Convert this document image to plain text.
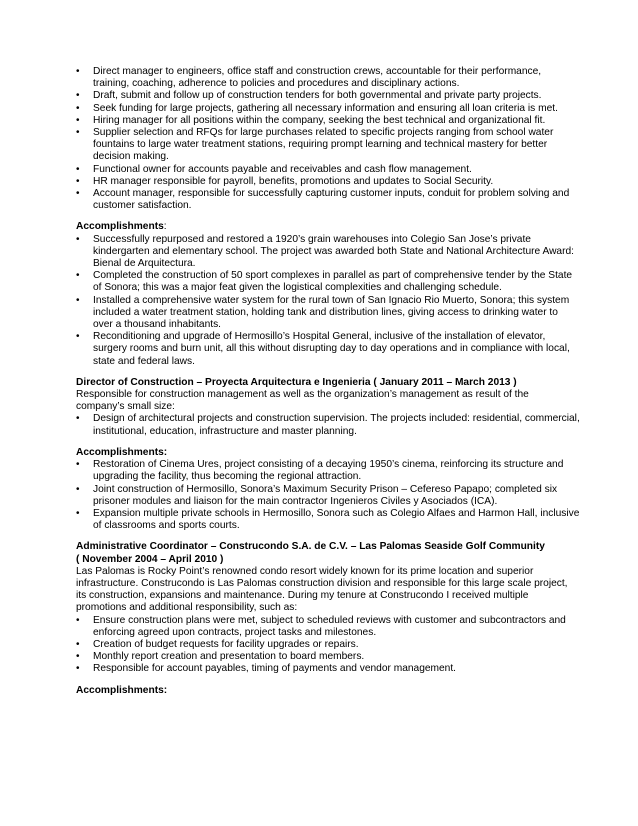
• Direct manager to engineers, office staff and construction crews, accountable for their performance, training, coaching, adherence to policies and procedures and disciplinary actions.
• Draft, submit and follow up of construction tenders for both governmental and private party projects.
• Seek funding for large projects, gathering all necessary information and ensuring all loan criteria is met.
• Hiring manager for all positions within the company, seeking the best technical and organizational fit.
• Supplier selection and RFQs for large purchases related to specific projects ranging from school water fountains to large water treatment stations, requiring prompt learning and technical mastery for better decision making.
• Functional owner for accounts payable and receivables and cash flow management.
• HR manager responsible for payroll, benefits, promotions and updates to Social Security.
• Account manager, responsible for successfully capturing customer inputs, conduit for problem solving and customer satisfaction.

Accomplishments:

• Successfully repurposed and restored a 1920’s grain warehouses into Colegio San Jose’s private kindergarten and elementary school. The project was awarded both State and National Architecture Award: Bienal de Arquitectura.
• Completed the construction of 50 sport complexes in parallel as part of comprehensive tender by the State of Sonora; this was a major feat given the logistical complexities and challenging schedule.
• Installed a comprehensive water system for the rural town of San Ignacio Rio Muerto, Sonora; this system included a water treatment station, holding tank and distribution lines, giving access to drinking water to over a thousand inhabitants.
• Reconditioning and upgrade of Hermosillo’s Hospital General, inclusive of the installation of elevator, surgery rooms and burn unit, all this without disrupting day to day operations and in compliance with local, state and federal laws.

Director of Construction – Proyecta Arquitectura e Ingenieria ( January 2011 – March 2013 )

Responsible for construction management as well as the organization’s management as result of the company’s small size:

• Design of architectural projects and construction supervision. The projects included: residential, commercial, institutional, education, infrastructure and master planning.

Accomplishments:

• Restoration of Cinema Ures, project consisting of a decaying 1950’s cinema, reinforcing its structure and upgrading the facility, thus becoming the regional attraction.
• Joint construction of Hermosillo, Sonora’s Maximum Security Prison – Cefereso Papapo; completed six prisoner modules and liaison for the main contractor Ingenieros Civiles y Asociados (ICA).
• Expansion multiple private schools in Hermosillo, Sonora such as Colegio Alfaes and Harmon Hall, inclusive of classrooms and sports courts.

Administrative Coordinator – Construcondo S.A. de C.V. – Las Palomas Seaside Golf Community

( November 2004 – April 2010 )

Las Palomas is Rocky Point’s renowned condo resort widely known for its prime location and superior infrastructure. Construcondo is Las Palomas construction division and responsible for this large scale project, its construction, expansions and maintenance. During my tenure at Construcondo I received multiple promotions and additional responsibility, such as:

• Ensure construction plans were met, subject to scheduled reviews with customer and subcontractors and enforcing agreed upon contracts, project tasks and milestones.
• Creation of budget requests for facility upgrades or repairs.
• Monthly report creation and presentation to board members.
• Responsible for account payables, timing of payments and vendor management.

Accomplishments:
